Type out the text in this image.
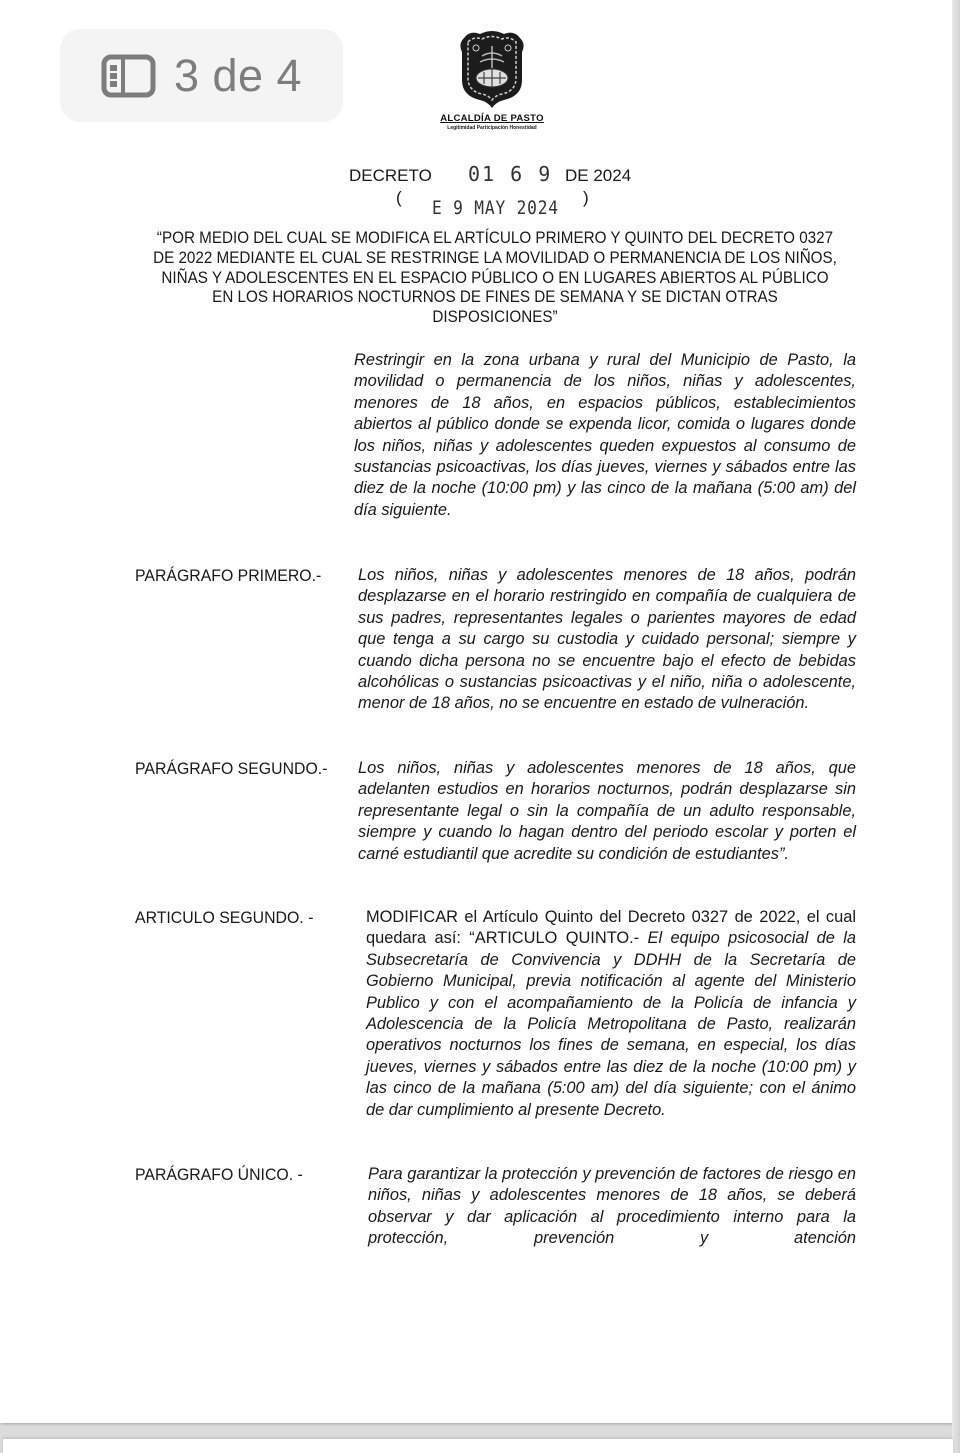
ALCALDÍA DE PASTO
Legitimidad Participación Honestidad
DECRETO 01 6 9 DE 2024
( E 9 MAY 2024 )
“POR MEDIO DEL CUAL SE MODIFICA EL ARTÍCULO PRIMERO Y QUINTO DEL DECRETO 0327 DE 2022 MEDIANTE EL CUAL SE RESTRINGE LA MOVILIDAD O PERMANENCIA DE LOS NIÑOS, NIÑAS Y ADOLESCENTES EN EL ESPACIO PÚBLICO O EN LUGARES ABIERTOS AL PÚBLICO EN LOS HORARIOS NOCTURNOS DE FINES DE SEMANA Y SE DICTAN OTRAS DISPOSICIONES”
Restringir en la zona urbana y rural del Municipio de Pasto, la movilidad o permanencia de los niños, niñas y adolescentes, menores de 18 años, en espacios públicos, establecimientos abiertos al público donde se expenda licor, comida o lugares donde los niños, niñas y adolescentes queden expuestos al consumo de sustancias psicoactivas, los días jueves, viernes y sábados entre las diez de la noche (10:00 pm) y las cinco de la mañana (5:00 am) del día siguiente.
PARÁGRAFO PRIMERO.- Los niños, niñas y adolescentes menores de 18 años, podrán desplazarse en el horario restringido en compañía de cualquiera de sus padres, representantes legales o parientes mayores de edad que tenga a su cargo su custodia y cuidado personal; siempre y cuando dicha persona no se encuentre bajo el efecto de bebidas alcohólicas o sustancias psicoactivas y el niño, niña o adolescente, menor de 18 años, no se encuentre en estado de vulneración.
PARÁGRAFO SEGUNDO.- Los niños, niñas y adolescentes menores de 18 años, que adelanten estudios en horarios nocturnos, podrán desplazarse sin representante legal o sin la compañía de un adulto responsable, siempre y cuando lo hagan dentro del periodo escolar y porten el carné estudiantil que acredite su condición de estudiantes”.
ARTICULO SEGUNDO. -	MODIFICAR el Artículo Quinto del Decreto 0327 de 2022, el cual quedara así: “ARTICULO QUINTO.- El equipo psicosocial de la Subsecretaría de Convivencia y DDHH de la Secretaría de Gobierno Municipal, previa notificación al agente del Ministerio Publico y con el acompañamiento de la Policía de infancia y Adolescencia de la Policía Metropolitana de Pasto, realizarán operativos nocturnos los fines de semana, en especial, los días jueves, viernes y sábados entre las diez de la noche (10:00 pm) y las cinco de la mañana (5:00 am) del día siguiente; con el ánimo de dar cumplimiento al presente Decreto.
PARÁGRAFO ÚNICO. -	Para garantizar la protección y prevención de factores de riesgo en niños, niñas y adolescentes menores de 18 años, se deberá observar y dar aplicación al procedimiento interno para la protección, prevención y atención
3 de 4
